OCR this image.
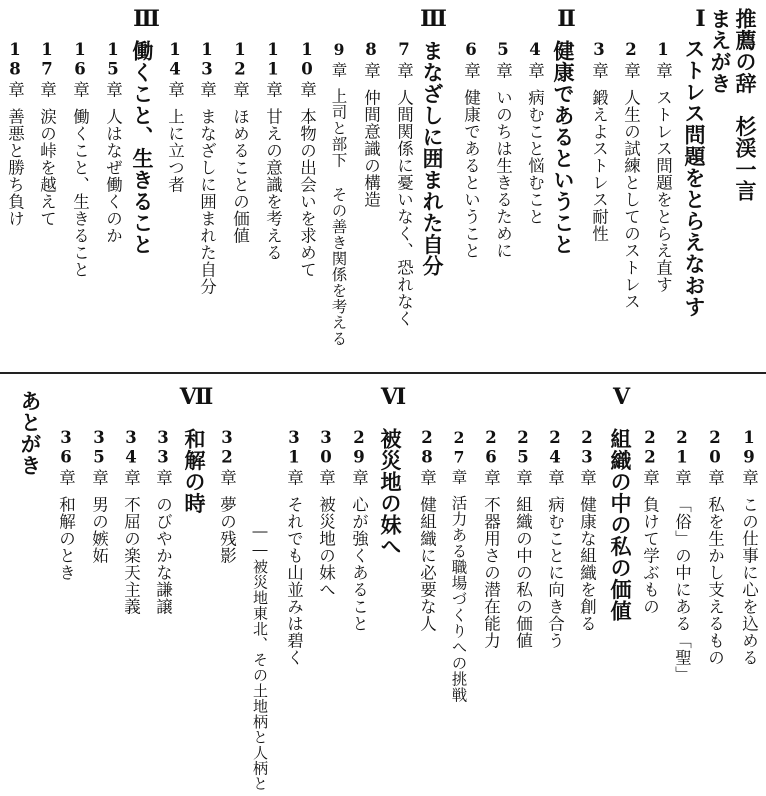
推薦の辞　杉渓一言
まえがき
Ⅰ
ストレス問題をとらえなおす
1章ストレス問題をとらえ直す
2章人生の試練としてのストレス
3章鍛えよストレス耐性
Ⅱ
健康であるということ
4章病むこと悩むこと
5章いのちは生きるために
6章健康であるということ
Ⅲ
まなざしに囲まれた自分
7章人間関係に憂いなく、恐れなく
8章仲間意識の構造
9章上司と部下 その善き関係を考える
10章本物の出会いを求めて
11章甘えの意識を考える
12章ほめることの価値
13章まなざしに囲まれた自分
14章上に立つ者
Ⅲ
働くこと、生きること
15章人はなぜ働くのか
16章働くこと、生きること
17章涙の峠を越えて
18章善悪と勝ち負け
19章この仕事に心を込める
20章私を生かし支えるもの
21章「俗」の中にある「聖」
22章負けて学ぶもの
Ⅴ
組織の中の私の価値
23章健康な組織を創る
24章病むことに向き合う
25章組織の中の私の価値
26章不器用さの潜在能力
27章活力ある職場づくりへの挑戦
28章健組織に必要な人
Ⅵ
被災地の妹へ
29章心が強くあること
30章被災地の妹へ
31章それでも山並みは碧く
――被災地東北、その土地柄と人柄と
32章夢の残影
Ⅶ
和解の時
33章のびやかな謙譲
34章不屈の楽天主義
35章男の嫉妬
36章和解のとき
あとがき
